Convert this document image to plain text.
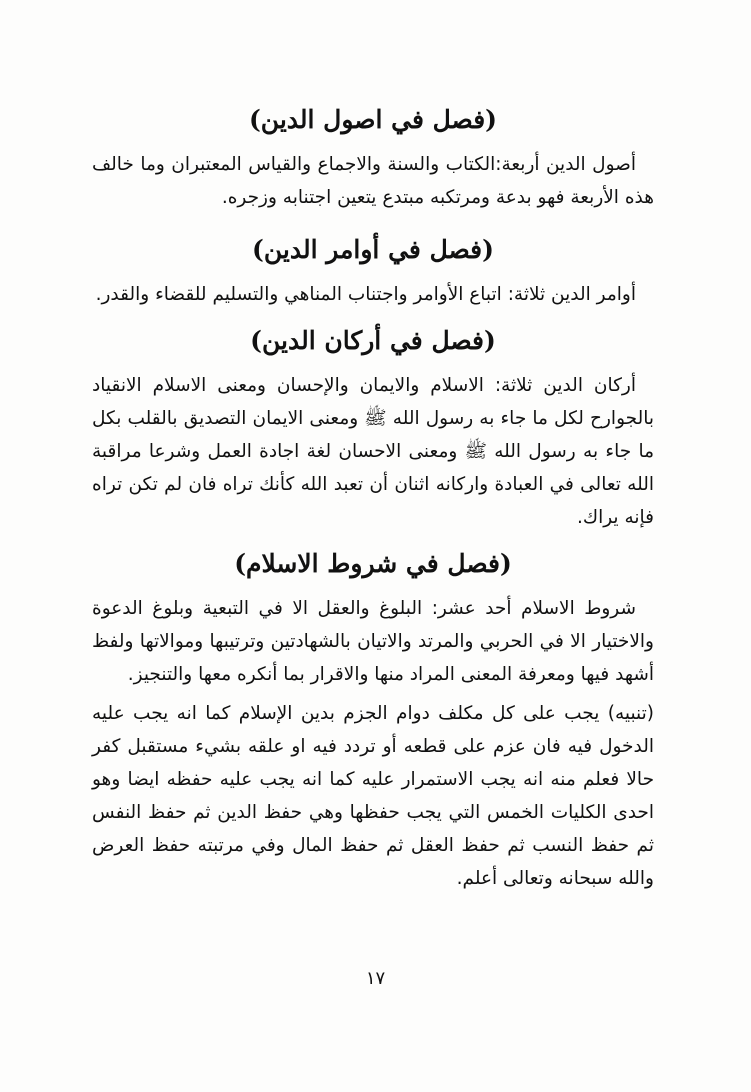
(فصل في اصول الدين)

أصول الدين أربعة:الكتاب والسنة والاجماع والقياس المعتبران وما خالف هذه الأربعة فهو بدعة ومرتكبه مبتدع يتعين اجتنابه وزجره.

(فصل في أوامر الدين)

أوامر الدين ثلاثة: اتباع الأوامر واجتناب المناهي والتسليم للقضاء والقدر.

(فصل في أركان الدين)

أركان الدين ثلاثة: الاسلام والايمان والإحسان ومعنى الاسلام الانقياد بالجوارح لكل ما جاء به رسول الله ﷺ ومعنى الايمان التصديق بالقلب بكل ما جاء به رسول الله ﷺ ومعنى الاحسان لغة اجادة العمل وشرعا مراقبة الله تعالى في العبادة واركانه اثنان أن تعبد الله كأنك تراه فان لم تكن تراه فإنه يراك.

(فصل في شروط الاسلام)

شروط الاسلام أحد عشر: البلوغ والعقل الا في التبعية وبلوغ الدعوة والاختيار الا في الحربي والمرتد والاتيان بالشهادتين وترتيبها وموالاتها ولفظ أشهد فيها ومعرفة المعنى المراد منها والاقرار بما أنكره معها والتنجيز.

(تنبيه) يجب على كل مكلف دوام الجزم بدين الإسلام كما انه يجب عليه الدخول فيه فان عزم على قطعه أو تردد فيه او علقه بشيء مستقبل كفر حالا فعلم منه انه يجب الاستمرار عليه كما انه يجب عليه حفظه ايضا وهو احدى الكليات الخمس التي يجب حفظها وهي حفظ الدين ثم حفظ النفس ثم حفظ النسب ثم حفظ العقل ثم حفظ المال وفي مرتبته حفظ العرض والله سبحانه وتعالى أعلم.

١٧
